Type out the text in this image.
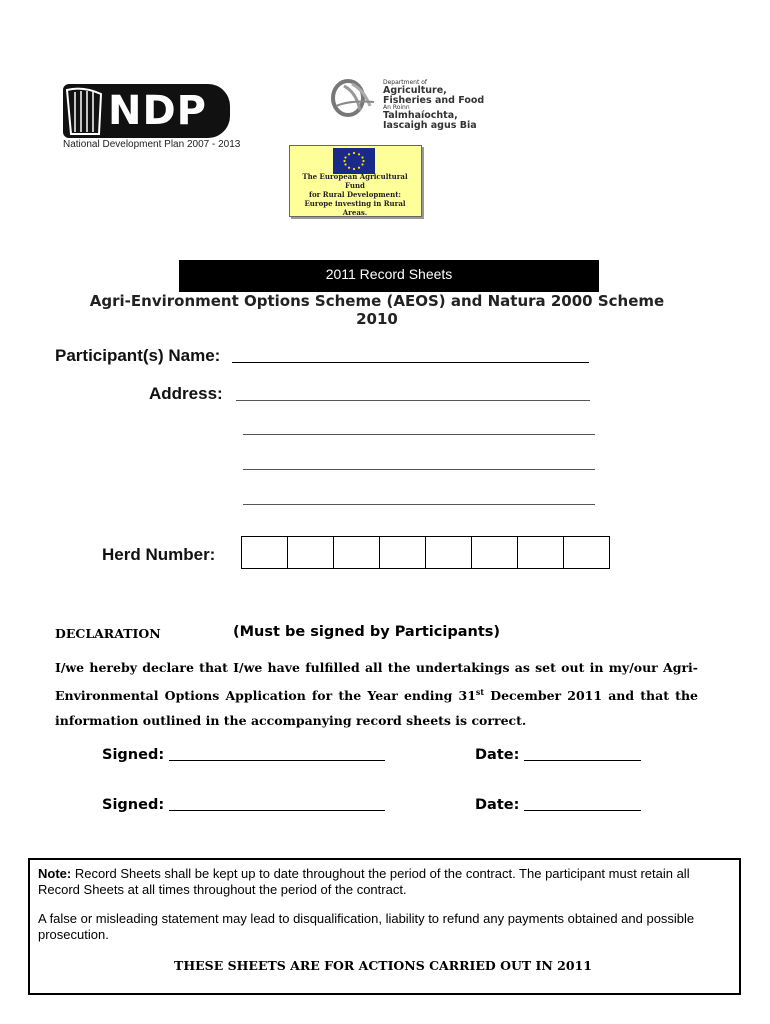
NDP
National Development Plan 2007 - 2013
Department of
Agriculture,
Fisheries and Food
An Roinn
Talmhaíochta,
Iascaigh agus Bia
The European Agricultural
Fund
for Rural Development:
Europe investing in Rural
Areas.
2011 Record Sheets
Agri-Environment Options Scheme (AEOS) and Natura 2000 Scheme
2010
Participant(s) Name:
Address:
Herd Number:

DECLARATION	(Must be signed by Participants)
I/we hereby declare that I/we have fulfilled all the undertakings as set out in my/our Agri-Environmental Options Application for the Year ending 31st December 2011 and that the information outlined in the accompanying record sheets is correct.
Signed:	Date:
Signed:	Date:
Note: Record Sheets shall be kept up to date throughout the period of the contract. The participant must retain all Record Sheets at all times throughout the period of the contract.
A false or misleading statement may lead to disqualification, liability to refund any payments obtained and possible prosecution.
THESE SHEETS ARE FOR ACTIONS CARRIED OUT IN 2011
